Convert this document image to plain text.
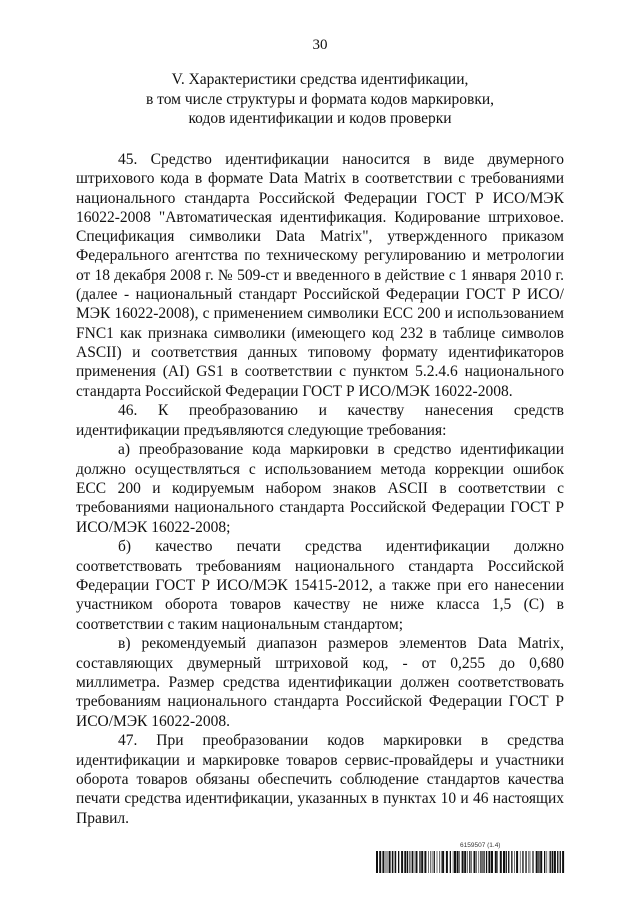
30
V. Характеристики средства идентификации,
в том числе структуры и формата кодов маркировки,
кодов идентификации и кодов проверки

45. Средство идентификации наносится в виде двумерного штрихового кода в формате Data Matrix в соответствии с требованиями национального стандарта Российской Федерации ГОСТ Р ИСО/МЭК 16022-2008 "Автоматическая идентификация. Кодирование штриховое. Спецификация символики Data Matrix", утвержденного приказом Федерального агентства по техническому регулированию и метрологии от 18 декабря 2008 г. № 509-ст и введенного в действие с 1 января 2010 г. (далее - национальный стандарт Российской Федерации ГОСТ Р ИСО/МЭК 16022-2008), с применением символики ЕСС 200 и использованием FNC1 как признака символики (имеющего код 232 в таблице символов ASCII) и соответствия данных типовому формату идентификаторов применения (AI) GS1 в соответствии с пунктом 5.2.4.6 национального стандарта Российской Федерации ГОСТ Р ИСО/МЭК 16022-2008.

46. К преобразованию и качеству нанесения средств идентификации предъявляются следующие требования:

а) преобразование кода маркировки в средство идентификации должно осуществляться с использованием метода коррекции ошибок ЕСС 200 и кодируемым набором знаков ASCII в соответствии с требованиями национального стандарта Российской Федерации ГОСТ Р ИСО/МЭК 16022-2008;

б) качество печати средства идентификации должно соответствовать требованиям национального стандарта Российской Федерации ГОСТ Р ИСО/МЭК 15415-2012, а также при его нанесении участником оборота товаров качеству не ниже класса 1,5 (С) в соответствии с таким национальным стандартом;

в) рекомендуемый диапазон размеров элементов Data Matrix, составляющих двумерный штриховой код, - от 0,255 до 0,680 миллиметра. Размер средства идентификации должен соответствовать требованиям национального стандарта Российской Федерации ГОСТ Р ИСО/МЭК 16022-2008.

47. При преобразовании кодов маркировки в средства идентификации и маркировке товаров сервис-провайдеры и участники оборота товаров обязаны обеспечить соблюдение стандартов качества печати средства идентификации, указанных в пунктах 10 и 46 настоящих Правил.

6159507 (1.4)
